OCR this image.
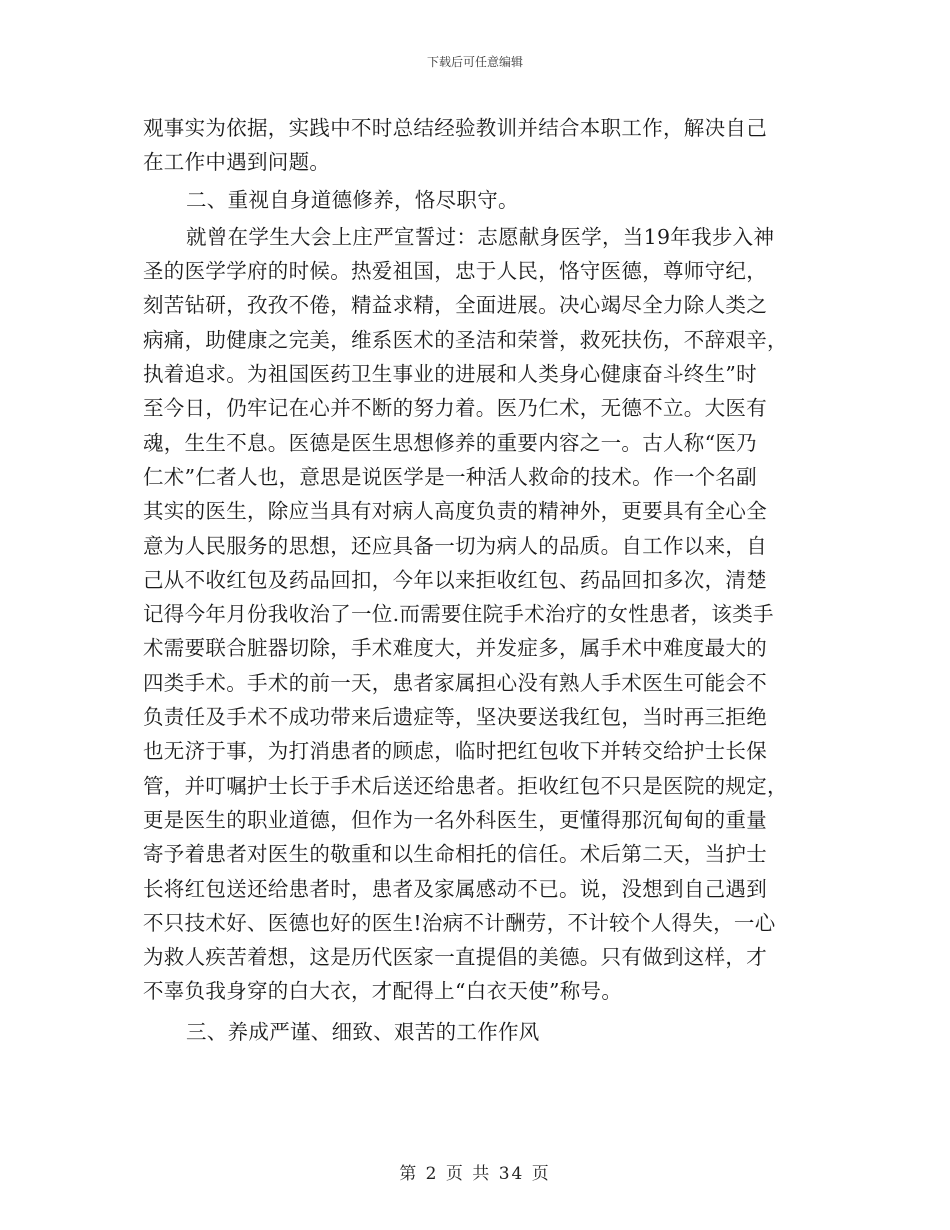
下载后可任意编辑
观事实为依据，实践中不时总结经验教训并结合本职工作，解决自己
在工作中遇到问题。
二、重视自身道德修养，恪尽职守。
就曾在学生大会上庄严宣誓过：志愿献身医学，当19年我步入神
圣的医学学府的时候。热爱祖国，忠于人民，恪守医德，尊师守纪，
刻苦钻研，孜孜不倦，精益求精，全面进展。决心竭尽全力除人类之
病痛，助健康之完美，维系医术的圣洁和荣誉，救死扶伤，不辞艰辛，
执着追求。为祖国医药卫生事业的进展和人类身心健康奋斗终生”时
至今日，仍牢记在心并不断的努力着。医乃仁术，无德不立。大医有
魂，生生不息。医德是医生思想修养的重要内容之一。古人称“医乃
仁术”仁者人也，意思是说医学是一种活人救命的技术。作一个名副
其实的医生，除应当具有对病人高度负责的精神外，更要具有全心全
意为人民服务的思想，还应具备一切为病人的品质。自工作以来，自
己从不收红包及药品回扣，今年以来拒收红包、药品回扣多次，清楚
记得今年月份我收治了一位.而需要住院手术治疗的女性患者，该类手
术需要联合脏器切除，手术难度大，并发症多，属手术中难度最大的
四类手术。手术的前一天，患者家属担心没有熟人手术医生可能会不
负责任及手术不成功带来后遗症等，坚决要送我红包，当时再三拒绝
也无济于事，为打消患者的顾虑，临时把红包收下并转交给护士长保
管，并叮嘱护士长于手术后送还给患者。拒收红包不只是医院的规定，
更是医生的职业道德，但作为一名外科医生，更懂得那沉甸甸的重量
寄予着患者对医生的敬重和以生命相托的信任。术后第二天，当护士
长将红包送还给患者时，患者及家属感动不已。说，没想到自己遇到
不只技术好、医德也好的医生!治病不计酬劳，不计较个人得失，一心
为救人疾苦着想，这是历代医家一直提倡的美德。只有做到这样，才
不辜负我身穿的白大衣，才配得上“白衣天使”称号。
三、养成严谨、细致、艰苦的工作作风
第 2 页 共 34 页
